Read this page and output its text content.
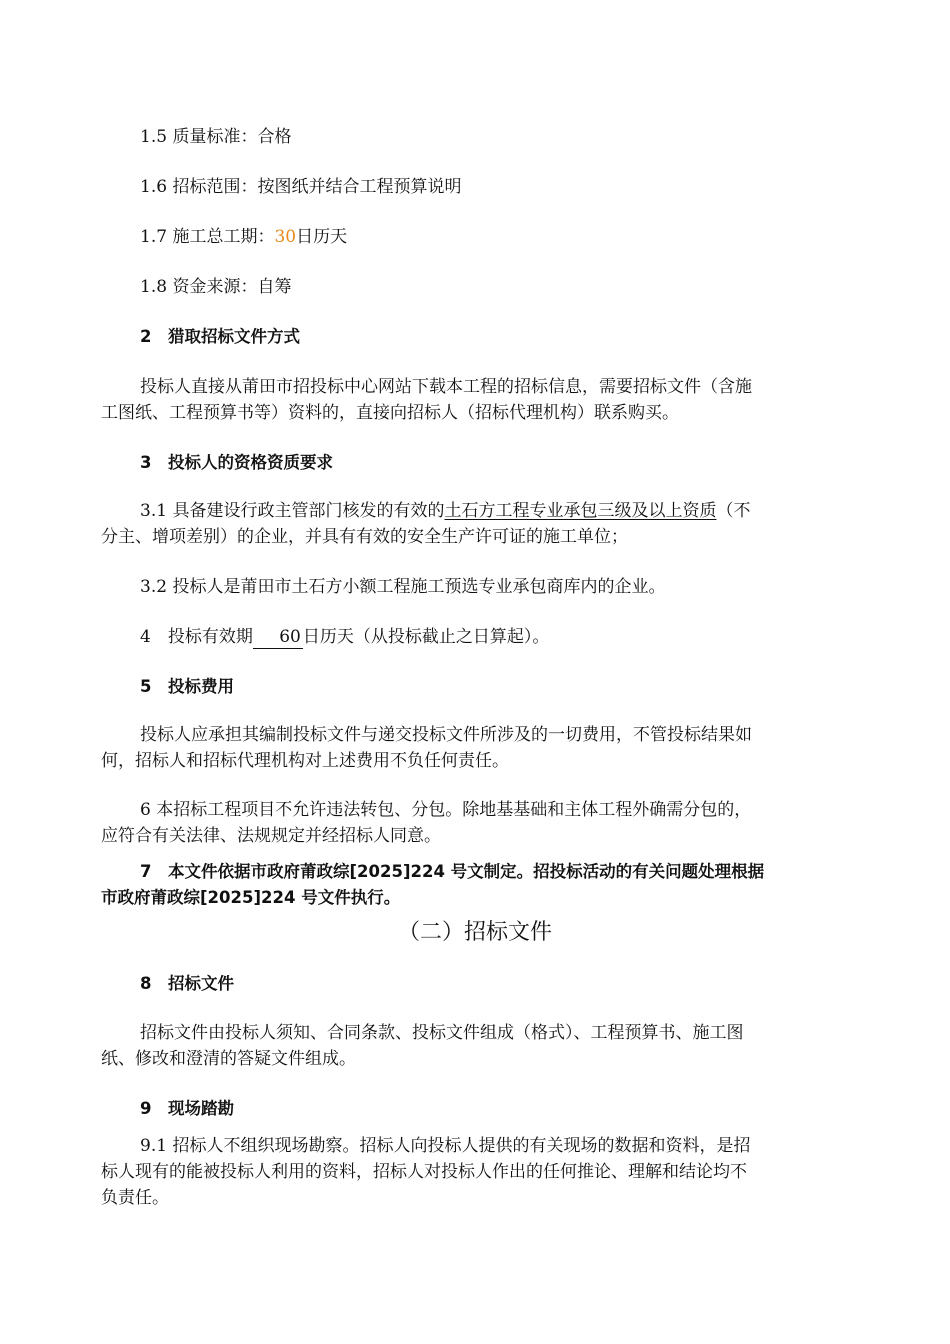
1.5 质量标准：合格
1.6 招标范围：按图纸并结合工程预算说明
1.7 施工总工期：30日历天
1.8 资金来源：自筹
2　猎取招标文件方式
投标人直接从莆田市招投标中心网站下载本工程的招标信息，需要招标文件（含施
工图纸、工程预算书等）资料的，直接向招标人（招标代理机构）联系购买。
3　投标人的资格资质要求
3.1 具备建设行政主管部门核发的有效的土石方工程专业承包三级及以上资质（不
分主、增项差别）的企业，并具有有效的安全生产许可证的施工单位；
3.2 投标人是莆田市土石方小额工程施工预选专业承包商库内的企业。
4　投标有效期 60 日历天（从投标截止之日算起）。
5　投标费用
投标人应承担其编制投标文件与递交投标文件所涉及的一切费用，不管投标结果如
何，招标人和招标代理机构对上述费用不负任何责任。
6 本招标工程项目不允许违法转包、分包。除地基基础和主体工程外确需分包的，
应符合有关法律、法规规定并经招标人同意。
7　本文件依据市政府莆政综[2025]224 号文制定。招投标活动的有关问题处理根据
市政府莆政综[2025]224 号文件执行。
（二）招标文件
8　招标文件
招标文件由投标人须知、合同条款、投标文件组成（格式）、工程预算书、施工图
纸、修改和澄清的答疑文件组成。
9　现场踏勘
9.1 招标人不组织现场勘察。招标人向投标人提供的有关现场的数据和资料，是招
标人现有的能被投标人利用的资料，招标人对投标人作出的任何推论、理解和结论均不
负责任。
